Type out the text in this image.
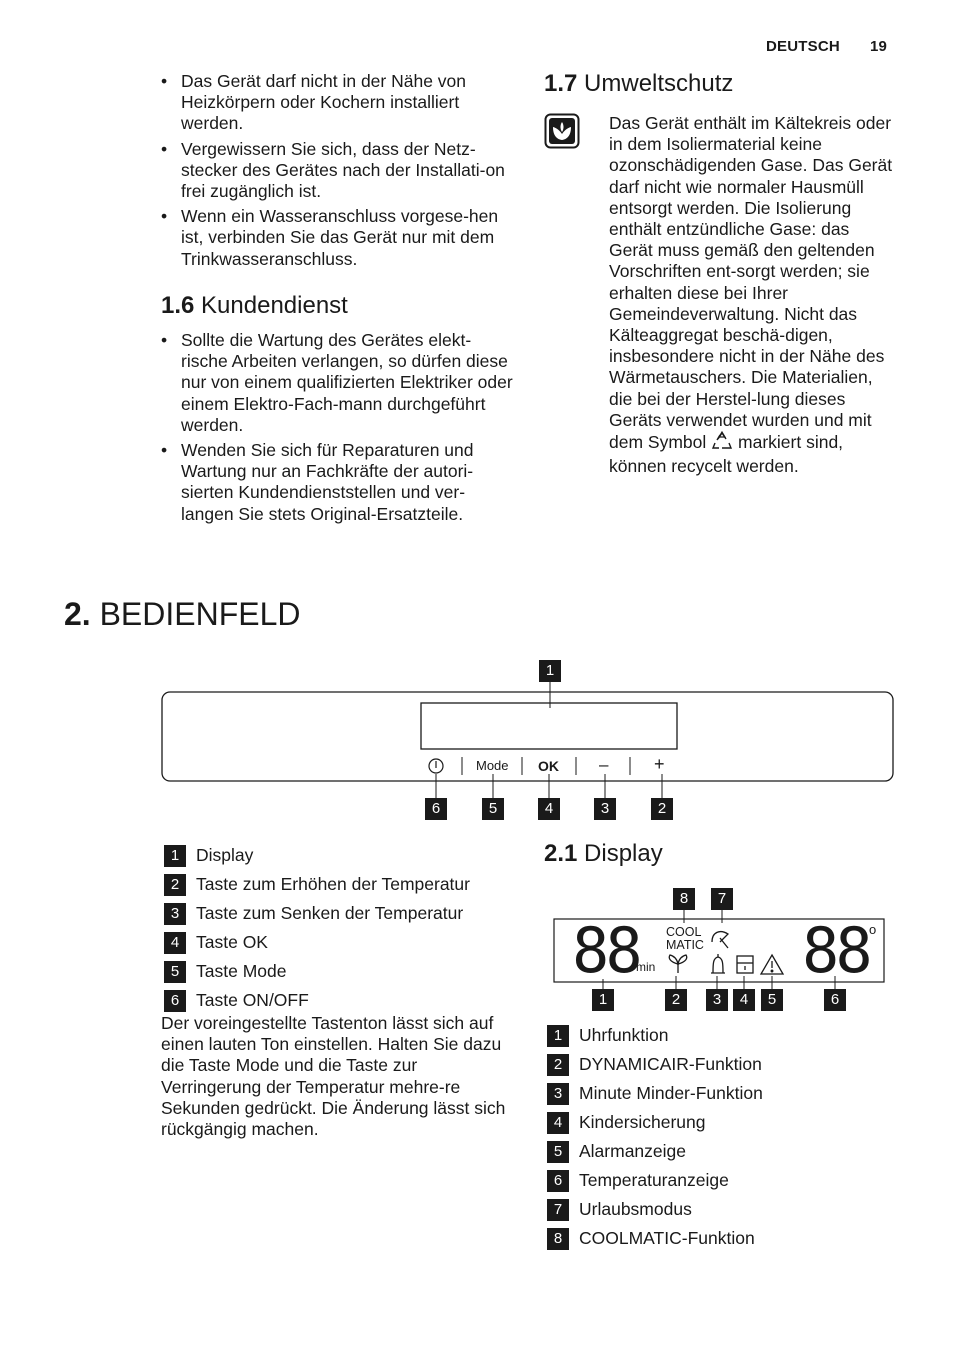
DEUTSCH 19
• Das Gerät darf nicht in der Nähe von Heizkörpern oder Kochern installiert werden.
• Vergewissern Sie sich, dass der Netz-stecker des Gerätes nach der Installati-on frei zugänglich ist.
• Wenn ein Wasseranschluss vorgese-hen ist, verbinden Sie das Gerät nur mit dem Trinkwasseranschluss.
1.6 Kundendienst
• Sollte die Wartung des Gerätes elekt-rische Arbeiten verlangen, so dürfen diese nur von einem qualifizierten Elektriker oder einem Elektro-Fach-mann durchgeführt werden.
• Wenden Sie sich für Reparaturen und Wartung nur an Fachkräfte der autori-sierten Kundendienststellen und ver-langen Sie stets Original-Ersatzteile.
1.7 Umweltschutz
Das Gerät enthält im Kältekreis oder in dem Isoliermaterial keine ozonschädigenden Gase. Das Gerät darf nicht wie normaler Hausmüll entsorgt werden. Die Isolierung enthält entzündliche Gase: das Gerät muss gemäß den geltenden Vorschriften ent-sorgt werden; sie erhalten diese bei Ihrer Gemeindeverwaltung. Nicht das Kälteaggregat beschä-digen, insbesondere nicht in der Nähe des Wärmetauschers. Die Materialien, die bei der Herstel-lung dieses Geräts verwendet wurden und mit dem Symbol markiert sind, können recycelt werden.
2. BEDIENFELD
Mode OK –	+
1
6	5	4	3	2
1 Display
2 Taste zum Erhöhen der Temperatur
3 Taste zum Senken der Temperatur
4 Taste OK
5 Taste Mode
6 Taste ON/OFF
Der voreingestellte Tastenton lässt sich auf einen lauten Ton einstellen. Halten Sie dazu die Taste Mode und die Taste zur Verringerung der Temperatur mehre-re Sekunden gedrückt. Die Änderung lässt sich rückgängig machen.
2.1 Display
88
min
COOL
MATIC 88 o
8	7
1	2	3	4	5	6
1 Uhrfunktion
2 DYNAMICAIR-Funktion
3 Minute Minder-Funktion
4 Kindersicherung
5 Alarmanzeige
6 Temperaturanzeige
7 Urlaubsmodus
8 COOLMATIC-Funktion
